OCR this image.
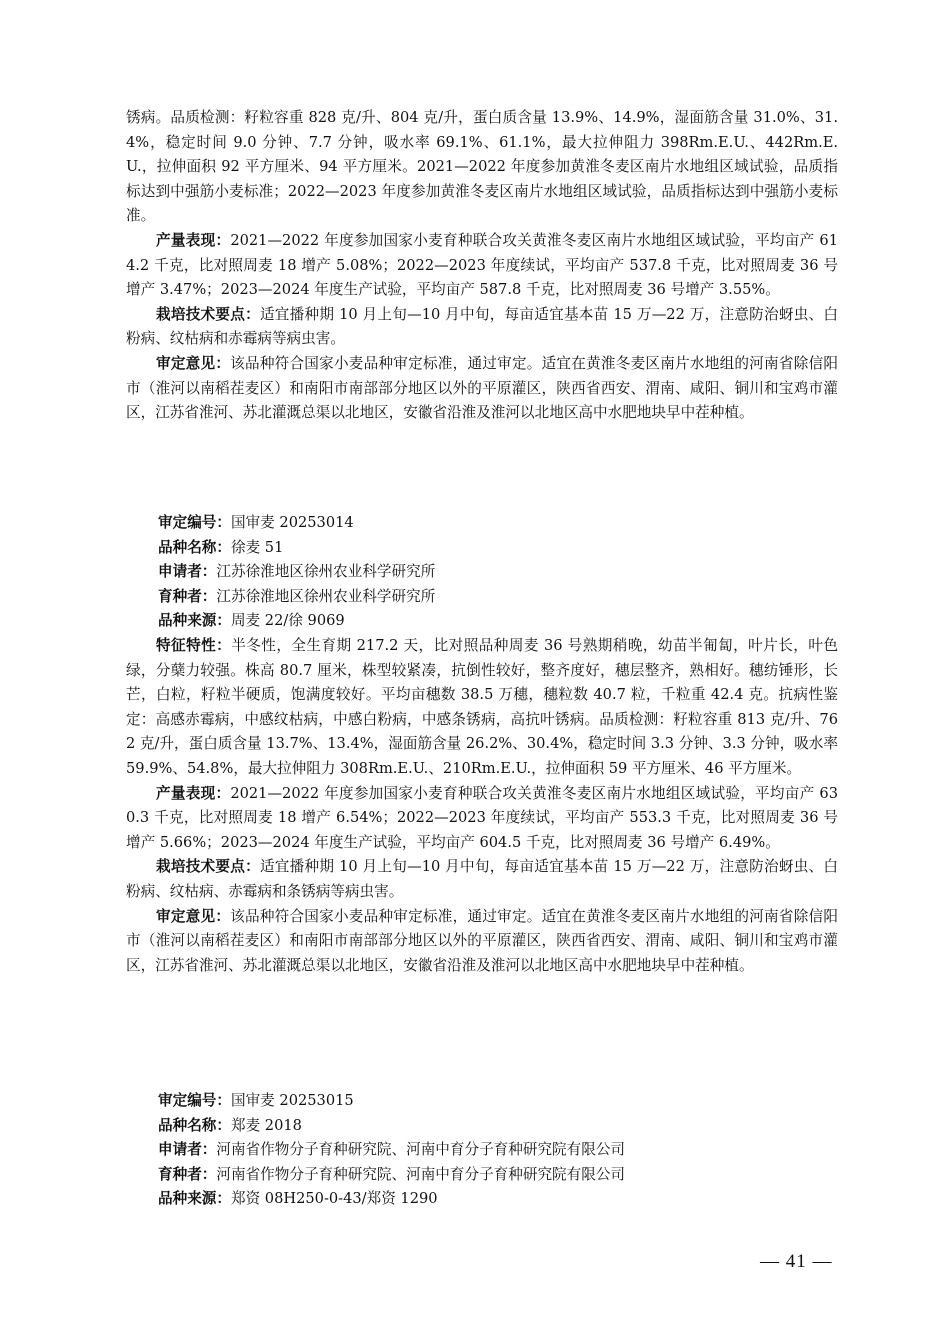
锈病。品质检测：籽粒容重 828 克/升、804 克/升，蛋白质含量 13.9%、14.9%，湿面筋含量 31.0%、31.4%，稳定时间 9.0 分钟、7.7 分钟，吸水率 69.1%、61.1%，最大拉伸阻力 398Rm.E.U.、442Rm.E.U.，拉伸面积 92 平方厘米、94 平方厘米。2021—2022 年度参加黄淮冬麦区南片水地组区域试验，品质指标达到中强筋小麦标准；2022—2023 年度参加黄淮冬麦区南片水地组区域试验，品质指标达到中强筋小麦标准。

产量表现：2021—2022 年度参加国家小麦育种联合攻关黄淮冬麦区南片水地组区域试验，平均亩产 614.2 千克，比对照周麦 18 增产 5.08%；2022—2023 年度续试，平均亩产 537.8 千克，比对照周麦 36 号增产 3.47%；2023—2024 年度生产试验，平均亩产 587.8 千克，比对照周麦 36 号增产 3.55%。

栽培技术要点：适宜播种期 10 月上旬—10 月中旬，每亩适宜基本苗 15 万—22 万，注意防治蚜虫、白粉病、纹枯病和赤霉病等病虫害。

审定意见：该品种符合国家小麦品种审定标准，通过审定。适宜在黄淮冬麦区南片水地组的河南省除信阳市（淮河以南稻茬麦区）和南阳市南部部分地区以外的平原灌区，陕西省西安、渭南、咸阳、铜川和宝鸡市灌区，江苏省淮河、苏北灌溉总渠以北地区，安徽省沿淮及淮河以北地区高中水肥地块早中茬种植。

审定编号：国审麦 20253014

品种名称：徐麦 51

申请者：江苏徐淮地区徐州农业科学研究所

育种者：江苏徐淮地区徐州农业科学研究所

品种来源：周麦 22/徐 9069

特征特性：半冬性，全生育期 217.2 天，比对照品种周麦 36 号熟期稍晚，幼苗半匍匐，叶片长，叶色绿，分蘖力较强。株高 80.7 厘米，株型较紧凑，抗倒性较好，整齐度好，穗层整齐，熟相好。穗纺锤形，长芒，白粒，籽粒半硬质，饱满度较好。平均亩穗数 38.5 万穗，穗粒数 40.7 粒，千粒重 42.4 克。抗病性鉴定：高感赤霉病，中感纹枯病，中感白粉病，中感条锈病，高抗叶锈病。品质检测：籽粒容重 813 克/升、762 克/升，蛋白质含量 13.7%、13.4%，湿面筋含量 26.2%、30.4%，稳定时间 3.3 分钟、3.3 分钟，吸水率 59.9%、54.8%，最大拉伸阻力 308Rm.E.U.、210Rm.E.U.，拉伸面积 59 平方厘米、46 平方厘米。

产量表现：2021—2022 年度参加国家小麦育种联合攻关黄淮冬麦区南片水地组区域试验，平均亩产 630.3 千克，比对照周麦 18 增产 6.54%；2022—2023 年度续试，平均亩产 553.3 千克，比对照周麦 36 号增产 5.66%；2023—2024 年度生产试验，平均亩产 604.5 千克，比对照周麦 36 号增产 6.49%。

栽培技术要点：适宜播种期 10 月上旬—10 月中旬，每亩适宜基本苗 15 万—22 万，注意防治蚜虫、白粉病、纹枯病、赤霉病和条锈病等病虫害。

审定意见：该品种符合国家小麦品种审定标准，通过审定。适宜在黄淮冬麦区南片水地组的河南省除信阳市（淮河以南稻茬麦区）和南阳市南部部分地区以外的平原灌区，陕西省西安、渭南、咸阳、铜川和宝鸡市灌区，江苏省淮河、苏北灌溉总渠以北地区，安徽省沿淮及淮河以北地区高中水肥地块早中茬种植。

审定编号：国审麦 20253015

品种名称：郑麦 2018

申请者：河南省作物分子育种研究院、河南中育分子育种研究院有限公司

育种者：河南省作物分子育种研究院、河南中育分子育种研究院有限公司

品种来源：郑资 08H250-0-43/郑资 1290

— 41 —
